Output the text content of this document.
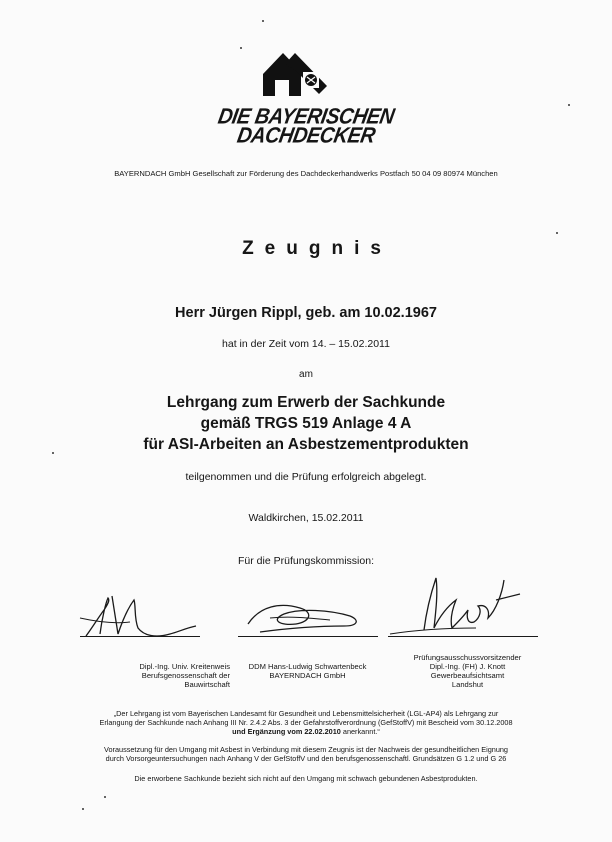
DIE BAYERISCHEN
DACHDECKER
BAYERNDACH GmbH Gesellschaft zur Förderung des Dachdeckerhandwerks Postfach 50 04 09 80974 München
Zeugnis
Herr Jürgen Rippl, geb. am 10.02.1967
hat in der Zeit vom 14. – 15.02.2011
am
Lehrgang zum Erwerb der Sachkunde
gemäß TRGS 519 Anlage 4 A
für ASI-Arbeiten an Asbestzementprodukten
teilgenommen und die Prüfung erfolgreich abgelegt.
Waldkirchen, 15.02.2011
Für die Prüfungskommission:
Dipl.-Ing. Univ. Kreitenweis
Berufsgenossenschaft der
Bauwirtschaft
DDM Hans-Ludwig Schwartenbeck
BAYERNDACH GmbH
Prüfungsausschussvorsitzender
Dipl.-Ing. (FH) J. Knott
Gewerbeaufsichtsamt
Landshut
„Der Lehrgang ist vom Bayerischen Landesamt für Gesundheit und Lebensmittelsicherheit (LGL-AP4) als Lehrgang zur
Erlangung der Sachkunde nach Anhang III Nr. 2.4.2 Abs. 3 der Gefahrstoffverordnung (GefStoffV) mit Bescheid vom 30.12.2008
und Ergänzung vom 22.02.2010 anerkannt.“
Voraussetzung für den Umgang mit Asbest in Verbindung mit diesem Zeugnis ist der Nachweis der gesundheitlichen Eignung
durch Vorsorgeuntersuchungen nach Anhang V der GefStoffV und den berufsgenossenschaftl. Grundsätzen G 1.2 und G 26
Die erworbene Sachkunde bezieht sich nicht auf den Umgang mit schwach gebundenen Asbestprodukten.
